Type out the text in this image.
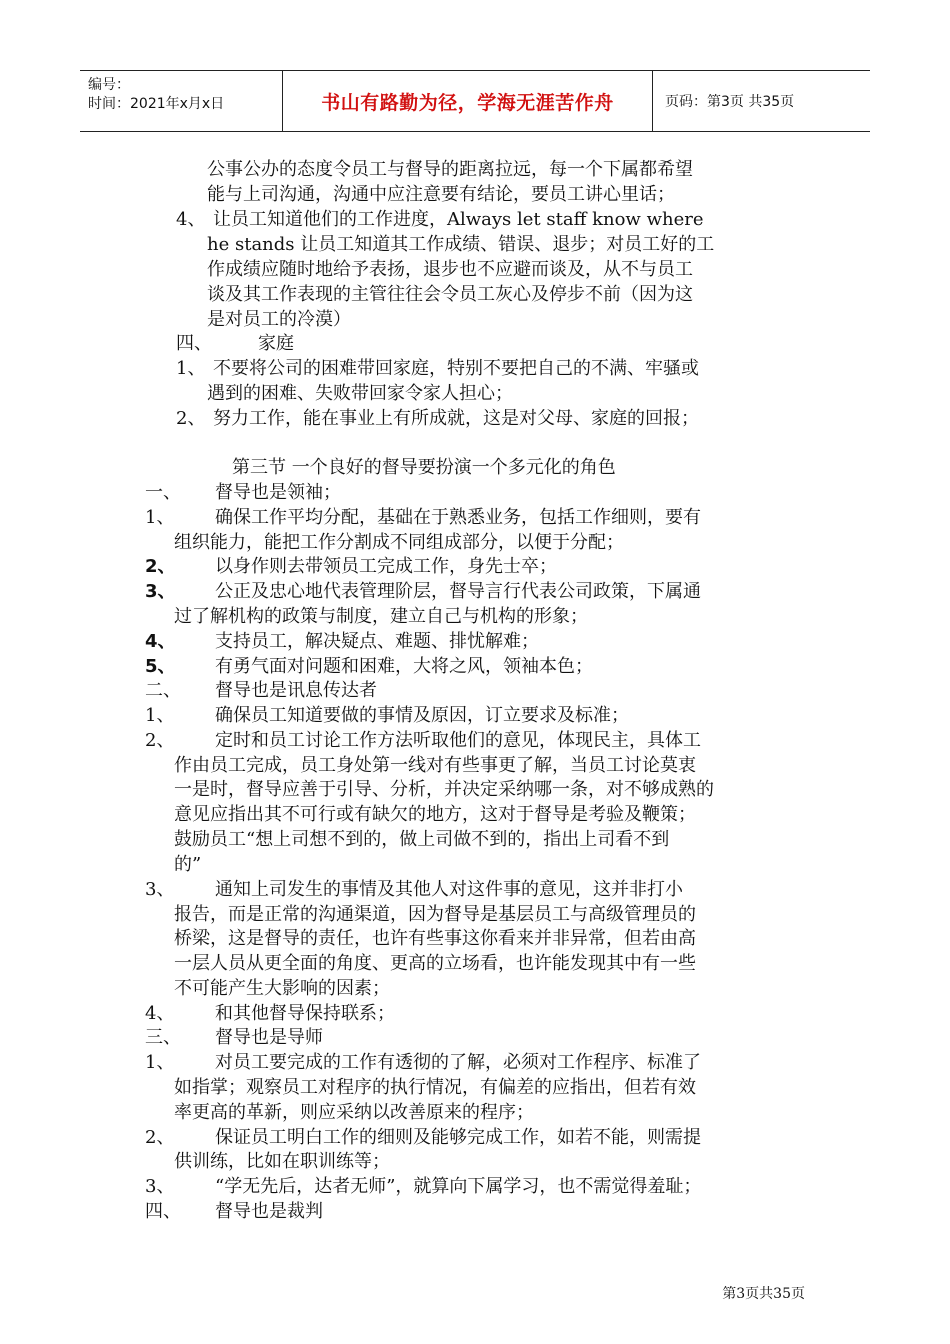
编号：
时间：2021年x月x日	书山有路勤为径，学海无涯苦作舟	页码：第3页 共35页
公事公办的态度令员工与督导的距离拉远，每一个下属都希望
能与上司沟通，沟通中应注意要有结论，要员工讲心里话；
4、 让员工知道他们的工作进度，Always let staff know where
he stands 让员工知道其工作成绩、错误、退步；对员工好的工
作成绩应随时地给予表扬，退步也不应避而谈及，从不与员工
谈及其工作表现的主管往往会令员工灰心及停步不前（因为这
是对员工的冷漠）
四、	家庭
1、 不要将公司的困难带回家庭，特别不要把自己的不满、牢骚或
遇到的困难、失败带回家令家人担心；
2、 努力工作，能在事业上有所成就，这是对父母、家庭的回报；
第三节 一个良好的督导要扮演一个多元化的角色
一、 督导也是领袖；
1、 确保工作平均分配，基础在于熟悉业务，包括工作细则，要有
组织能力，能把工作分割成不同组成部分，以便于分配；
2、 以身作则去带领员工完成工作，身先士卒；
3、 公正及忠心地代表管理阶层，督导言行代表公司政策，下属通
过了解机构的政策与制度，建立自己与机构的形象；
4、 支持员工，解决疑点、难题、排忧解难；
5、 有勇气面对问题和困难，大将之风，领袖本色；
二、 督导也是讯息传达者
1、 确保员工知道要做的事情及原因，订立要求及标准；
2、 定时和员工讨论工作方法听取他们的意见，体现民主，具体工
作由员工完成，员工身处第一线对有些事更了解，当员工讨论莫衷
一是时，督导应善于引导、分析，并决定采纳哪一条，对不够成熟的
意见应指出其不可行或有缺欠的地方，这对于督导是考验及鞭策；
鼓励员工“想上司想不到的，做上司做不到的，指出上司看不到
的”
3、 通知上司发生的事情及其他人对这件事的意见，这并非打小
报告，而是正常的沟通渠道，因为督导是基层员工与高级管理员的
桥梁，这是督导的责任，也许有些事这你看来并非异常，但若由高
一层人员从更全面的角度、更高的立场看，也许能发现其中有一些
不可能产生大影响的因素；
4、 和其他督导保持联系；
三、 督导也是导师
1、 对员工要完成的工作有透彻的了解，必须对工作程序、标准了
如指掌；观察员工对程序的执行情况，有偏差的应指出，但若有效
率更高的革新，则应采纳以改善原来的程序；
2、 保证员工明白工作的细则及能够完成工作，如若不能，则需提
供训练，比如在职训练等；
3、 “学无先后，达者无师”，就算向下属学习，也不需觉得羞耻；
四、 督导也是裁判
第3页共35页
